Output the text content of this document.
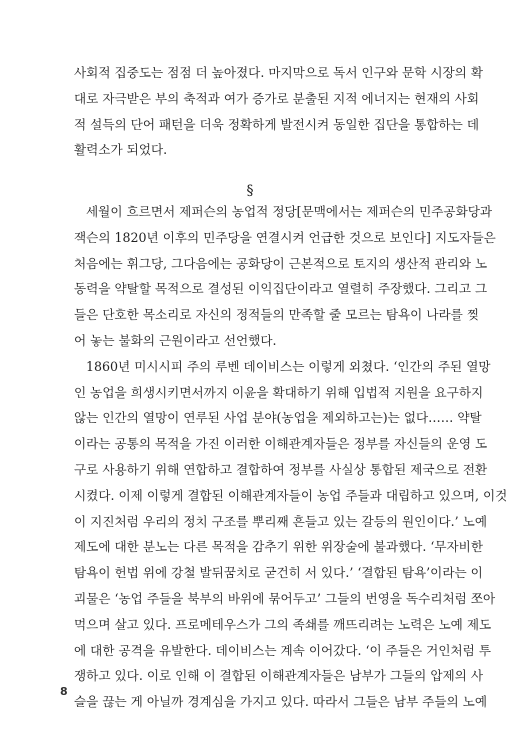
사회적 집중도는 점점 더 높아졌다. 마지막으로 독서 인구와 문학 시장의 확
대로 자극받은 부의 축적과 여가 증가로 분출된 지적 에너지는 현재의 사회
적 설득의 단어 패턴을 더욱 정확하게 발전시켜 동일한 집단을 통합하는 데
활력소가 되었다.
§
세월이 흐르면서 제퍼슨의 농업적 정당[문맥에서는 제퍼슨의 민주공화당과
잭슨의 1820년 이후의 민주당을 연결시켜 언급한 것으로 보인다] 지도자들은
처음에는 휘그당, 그다음에는 공화당이 근본적으로 토지의 생산적 관리와 노
동력을 약탈할 목적으로 결성된 이익집단이라고 열렬히 주장했다. 그리고 그
들은 단호한 목소리로 자신의 정적들의 만족할 줄 모르는 탐욕이 나라를 찢
어 놓는 불화의 근원이라고 선언했다.
1860년 미시시피 주의 루벤 데이비스는 이렇게 외쳤다. ‘인간의 주된 열망
인 농업을 희생시키면서까지 이윤을 확대하기 위해 입법적 지원을 요구하지
않는 인간의 열망이 연루된 사업 분야(농업을 제외하고는)는 없다…… 약탈
이라는 공통의 목적을 가진 이러한 이해관계자들은 정부를 자신들의 운영 도
구로 사용하기 위해 연합하고 결합하여 정부를 사실상 통합된 제국으로 전환
시켰다. 이제 이렇게 결합된 이해관계자들이 농업 주들과 대립하고 있으며, 이것
이 지진처럼 우리의 정치 구조를 뿌리째 흔들고 있는 갈등의 원인이다.’ 노예
제도에 대한 분노는 다른 목적을 감추기 위한 위장술에 불과했다. ‘무자비한
탐욕이 헌법 위에 강철 발뒤꿈치로 굳건히 서 있다.’ ‘결합된 탐욕’이라는 이
괴물은 ‘농업 주들을 북부의 바위에 묶어두고’ 그들의 번영을 독수리처럼 쪼아
먹으며 살고 있다. 프로메테우스가 그의 족쇄를 깨뜨리려는 노력은 노예 제도
에 대한 공격을 유발한다. 데이비스는 계속 이어갔다. ‘이 주들은 거인처럼 투
쟁하고 있다. 이로 인해 이 결합된 이해관계자들은 남부가 그들의 압제의 사
슬을 끊는 게 아닐까 경계심을 가지고 있다. 따라서 그들은 남부 주들의 노예
8
